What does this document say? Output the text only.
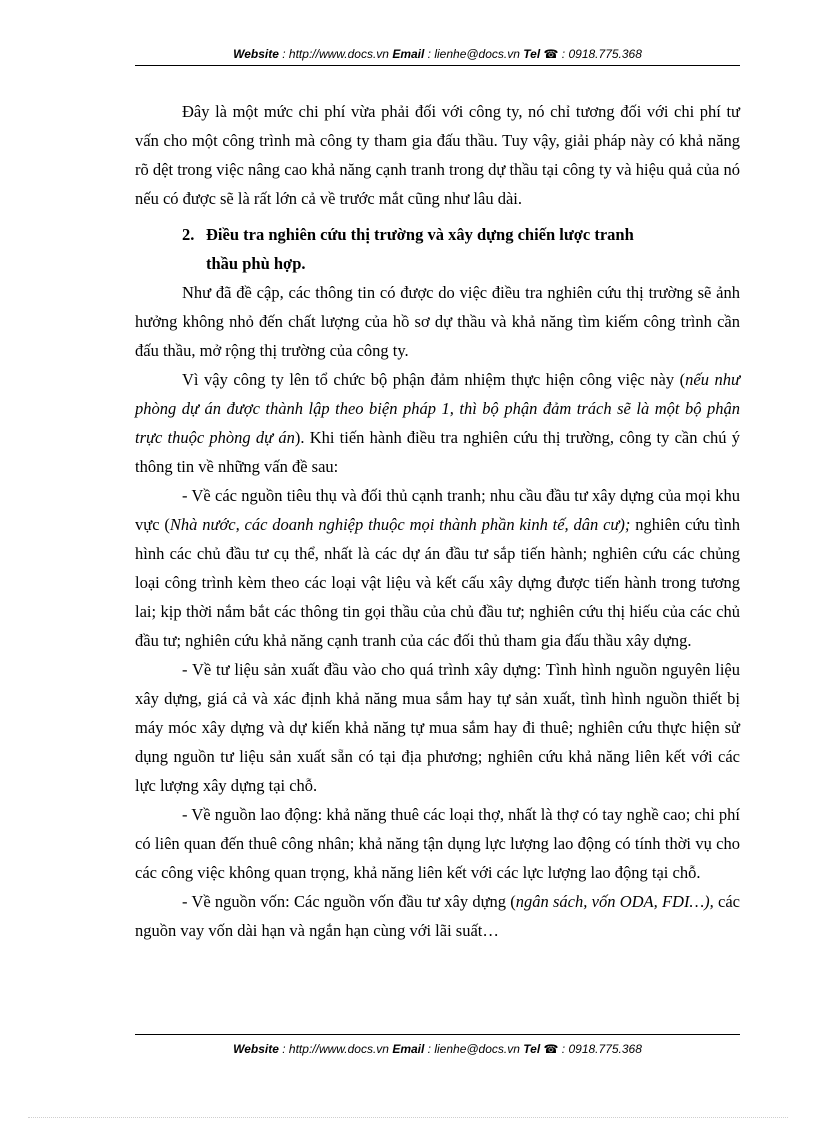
Website : http://www.docs.vn Email : lienhe@docs.vn Tel ☎ : 0918.775.368

Đây là một mức chi phí vừa phải đối với công ty, nó chỉ tương đối với chi phí tư vấn cho một công trình mà công ty tham gia đấu thầu. Tuy vậy, giải pháp này có khả năng rõ dệt trong việc nâng cao khả năng cạnh tranh trong dự thầu tại công ty và hiệu quả của nó nếu có được sẽ là rất lớn cả về trước mắt cũng như lâu dài.

2. Điều tra nghiên cứu thị trường và xây dựng chiến lược tranh
thầu phù hợp.

Như đã đề cập, các thông tin có được do việc điều tra nghiên cứu thị trường sẽ ảnh hưởng không nhỏ đến chất lượng của hồ sơ dự thầu và khả năng tìm kiếm công trình cần đấu thầu, mở rộng thị trường của công ty.

Vì vậy công ty lên tổ chức bộ phận đảm nhiệm thực hiện công việc này (nếu như phòng dự án được thành lập theo biện pháp 1, thì bộ phận đảm trách sẽ là một bộ phận trực thuộc phòng dự án). Khi tiến hành điều tra nghiên cứu thị trường, công ty cần chú ý thông tin về những vấn đề sau:

- Về các nguồn tiêu thụ và đối thủ cạnh tranh; nhu cầu đầu tư xây dựng của mọi khu vực (Nhà nước, các doanh nghiệp thuộc mọi thành phần kinh tế, dân cư); nghiên cứu tình hình các chủ đầu tư cụ thể, nhất là các dự án đầu tư sắp tiến hành; nghiên cứu các chủng loại công trình kèm theo các loại vật liệu và kết cấu xây dựng được tiến hành trong tương lai; kịp thời nắm bắt các thông tin gọi thầu của chủ đầu tư; nghiên cứu thị hiếu của các chủ đầu tư; nghiên cứu khả năng cạnh tranh của các đối thủ tham gia đấu thầu xây dựng.

- Về tư liệu sản xuất đầu vào cho quá trình xây dựng: Tình hình nguồn nguyên liệu xây dựng, giá cả và xác định khả năng mua sắm hay tự sản xuất, tình hình nguồn thiết bị máy móc xây dựng và dự kiến khả năng tự mua sắm hay đi thuê; nghiên cứu thực hiện sử dụng nguồn tư liệu sản xuất sẵn có tại địa phương; nghiên cứu khả năng liên kết với các lực lượng xây dựng tại chỗ.

- Về nguồn lao động: khả năng thuê các loại thợ, nhất là thợ có tay nghề cao; chi phí có liên quan đến thuê công nhân; khả năng tận dụng lực lượng lao động có tính thời vụ cho các công việc không quan trọng, khả năng liên kết với các lực lượng lao động tại chỗ.

- Về nguồn vốn: Các nguồn vốn đầu tư xây dựng (ngân sách, vốn ODA, FDI…), các nguồn vay vốn dài hạn và ngắn hạn cùng với lãi suất…

Website : http://www.docs.vn Email : lienhe@docs.vn Tel ☎ : 0918.775.368
